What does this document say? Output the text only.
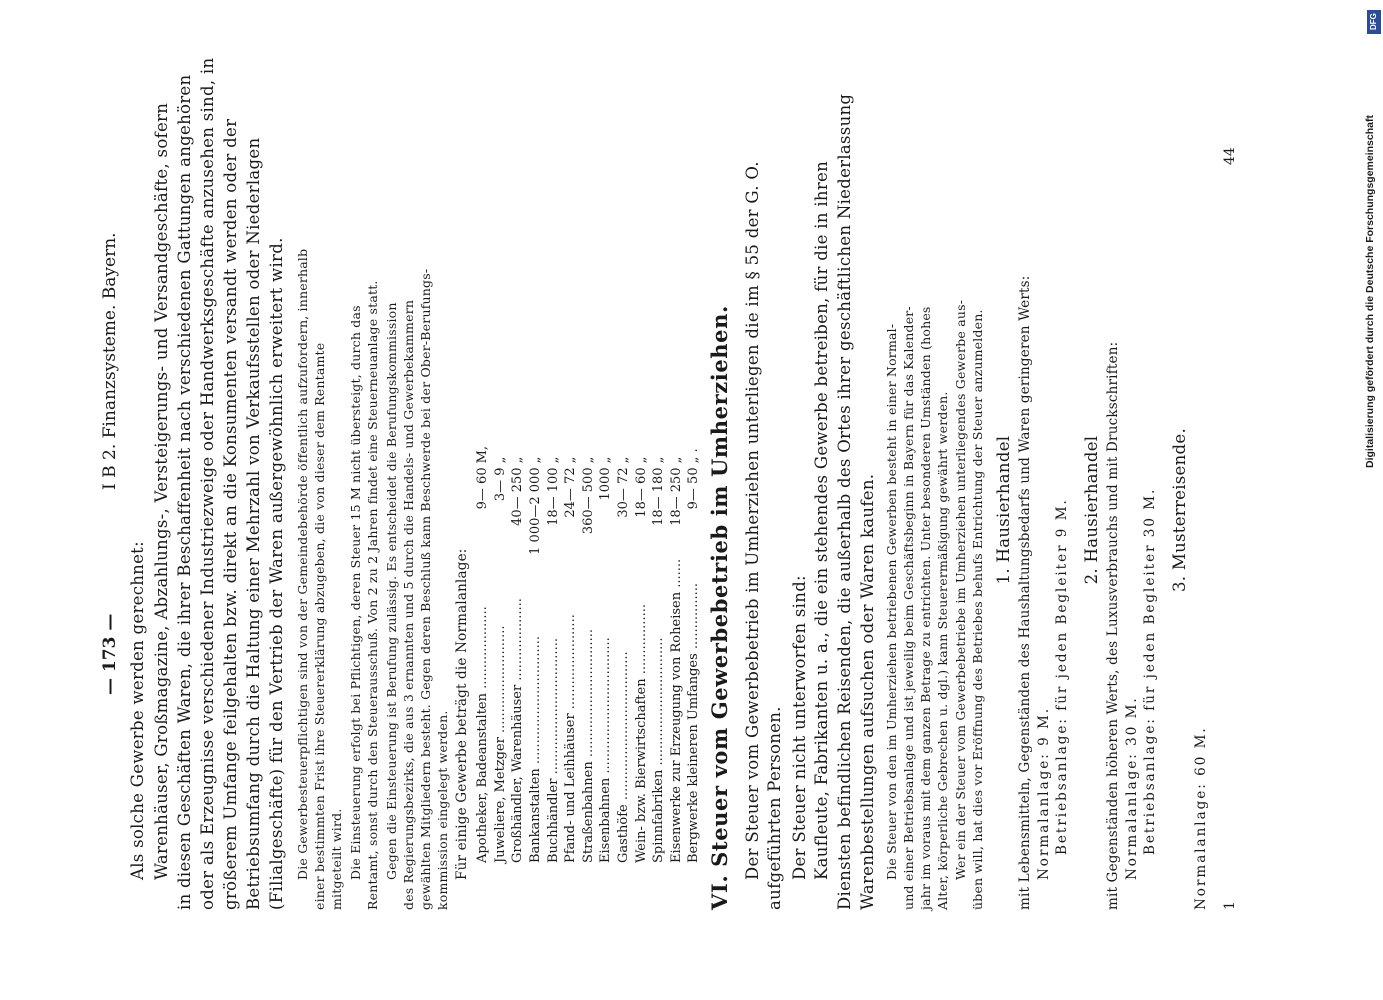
— 173 —
I B 2. Finanzsysteme. Bayern.
Als solche Gewerbe werden gerechnet: Warenhäuser, Großmagazine, Abzahlungs-, Versteigerungs- und Versandgeschäfte, sofern in diesen Geschäften Waren, die ihrer Beschaffenheit nach verschiedenen Gattungen angehören oder als Erzeugnisse verschiedener Industriezweige oder Handwerksgeschäfte anzusehen sind, in größerem Umfange feilgehalten bzw. direkt an die Konsumenten versandt werden oder der Betriebsumfang durch die Haltung einer Mehrzahl von Verkaufsstellen oder Niederlagen (Filialgeschäfte) für den Vertrieb der Waren außergewöhnlich erweitert wird. Die Gewerbesteuerpflichtigen sind von der Gemeindebehörde öffentlich aufzufordern, innerhalb einer bestimmten Frist ihre Steuererklärung abzugeben, die von dieser dem Rentamte mitgeteilt wird. Die Einsteuerung erfolgt bei Pflichtigen, deren Steuer 15 M nicht übersteigt, durch das Rentamt, sonst durch den Steuerausschuß. Von 2 zu 2 Jahren findet eine Steuerneuanlage statt. Gegen die Einsteuerung ist Berufung zulässig. Es entscheidet die Berufungskommission des Regierungsbezirks, die aus 3 ernannten und 5 durch die Handels- und Gewerbekammern gewählten Mitgliedern besteht. Gegen deren Beschluß kann Beschwerde bei der Ober-Berufungs- kommission eingelegt werden. Für einige Gewerbe beträgt die Normalanlage: Apotheker, Badeanstalten ....................	9— 60	M,
Juweliere, Metzger ..........................	3— 9	„
Großhändler, Warenhäuser ....................	40— 250	„
Bankanstalten ...............................	1 000—2 000	„
Buchhändler .................................	18— 100	„
Pfand- und Leihhäuser .......................	24— 72	„
Straßenbahnen ...............................	360— 500	„
Eisenbahnen .................................	1000	„
Gasthöfe ....................................	30— 72	„
Wein- bzw. Bierwirtschaften .................	18— 60	„
Spinnfabriken ...............................	18— 180	„
Eisenwerke zur Erzeugung von Roheisen .......	18— 250	„
Bergwerke kleineren Umfanges ................	9— 50	„ . VI. Steuer vom Gewerbebetrieb im Umherziehen. Der Steuer vom Gewerbebetrieb im Umherziehen unterliegen die im § 55 der G. O. aufgeführten Personen. Der Steuer nicht unterworfen sind: Kaufleute, Fabrikanten u. a., die ein stehendes Gewerbe betreiben, für die in ihren Diensten befindlichen Reisenden, die außerhalb des Ortes ihrer geschäftlichen Niederlassung Warenbestellungen aufsuchen oder Waren kaufen. Die Steuer von den im Umherziehen betriebenen Gewerben besteht in einer Normal- und einer Betriebsanlage und ist jeweilig beim Geschäftsbeginn in Bayern für das Kalender- jahr im voraus mit dem ganzen Betrage zu entrichten. Unter besonderen Umständen (hohes Alter, körperliche Gebrechen u. dgl.) kann Steuerermäßigung gewährt werden. Wer ein der Steuer vom Gewerbebetriebe im Umherziehen unterliegendes Gewerbe aus- üben will, hat dies vor Eröffnung des Betriebes behufs Entrichtung der Steuer anzumelden. 1. Hausierhandel mit Lebensmitteln, Gegenständen des Haushaltungsbedarfs und Waren geringeren Werts: Normalanlage: 9 M. Betriebsanlage: für jeden Begleiter 9 M. 2. Hausierhandel mit Gegenständen höheren Werts, des Luxusverbrauchs und mit Druckschriften: Normalanlage: 30 M. Betriebsanlage: für jeden Begleiter 30 M. 3. Musterreisende.
Normalanlage: 60 M. 1
44
DFG
Digitalisierung gefördert durch die Deutsche Forschungsgemeinschaft
